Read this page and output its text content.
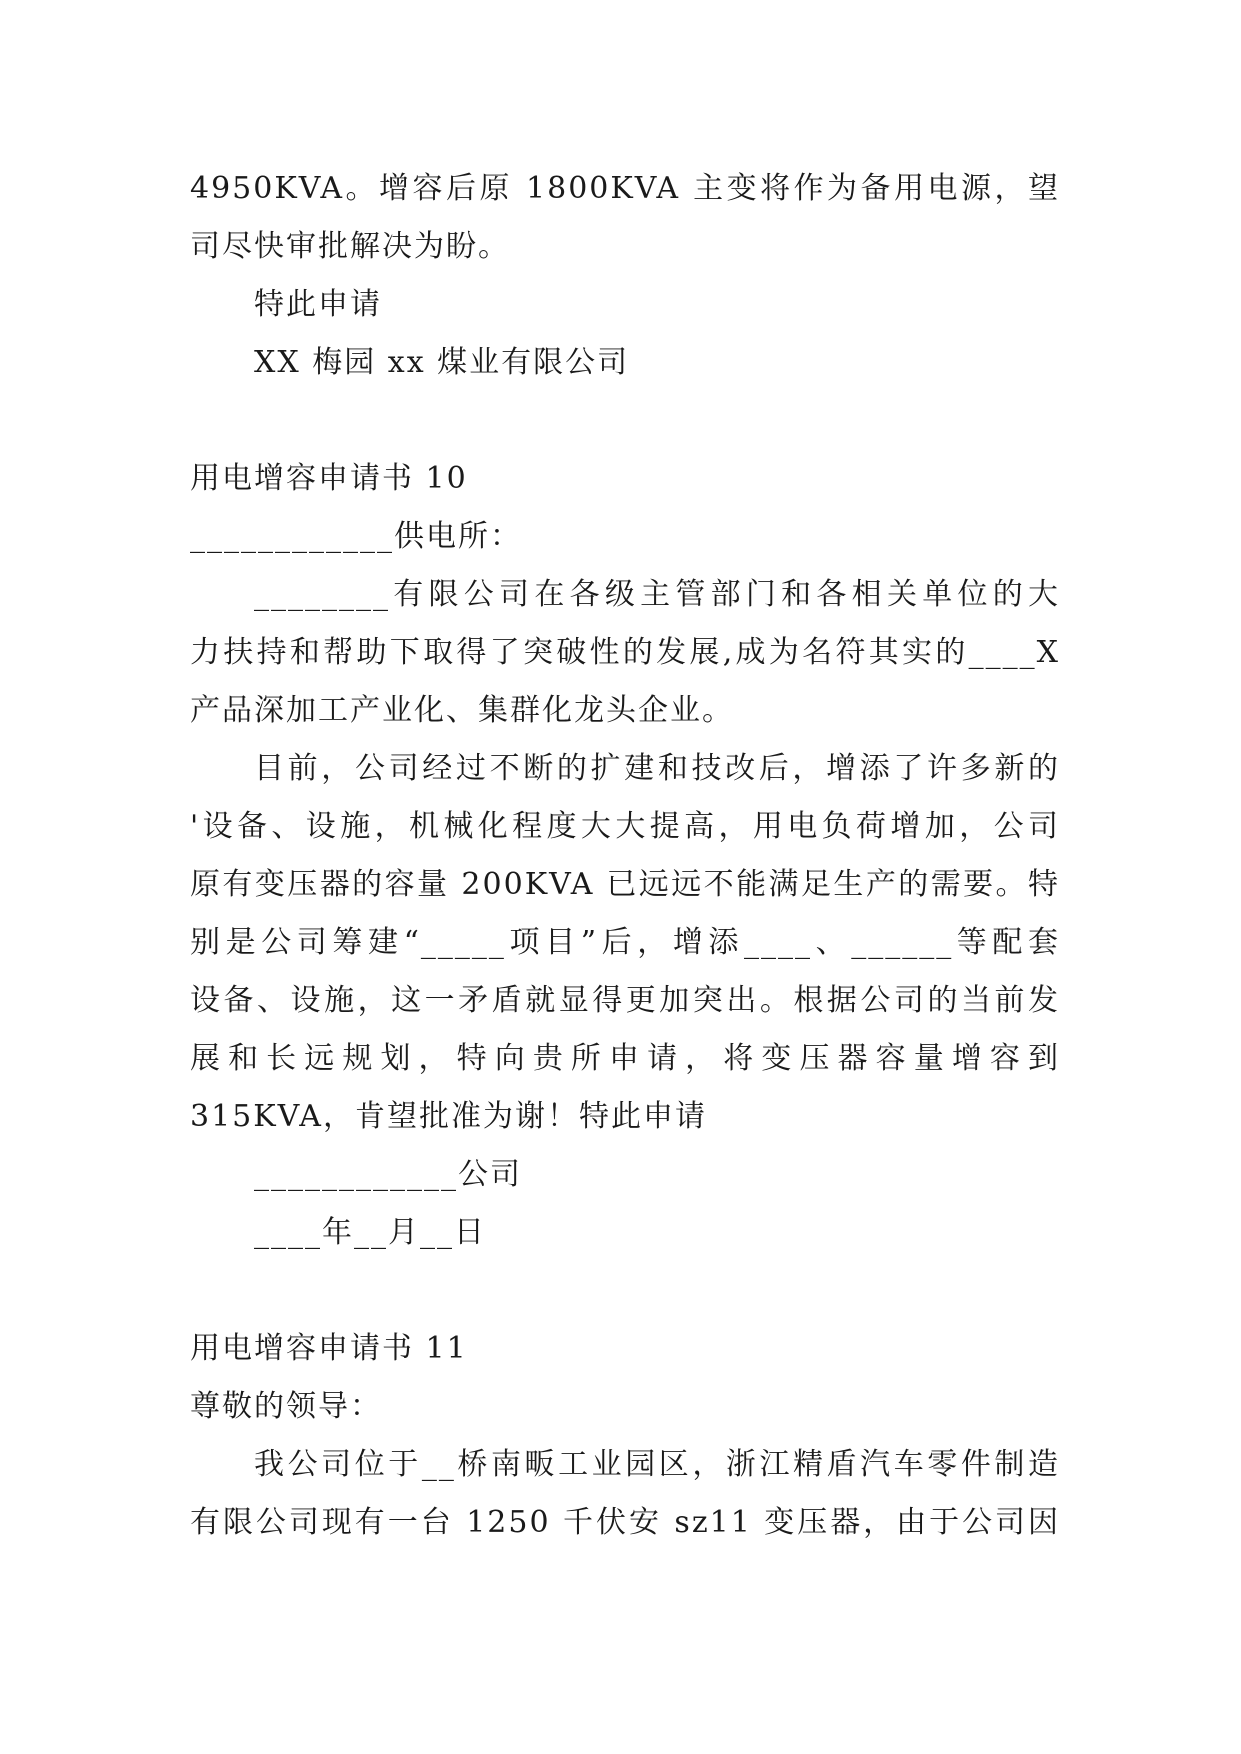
4950KVA。增容后原 1800KVA 主变将作为备用电源，望
司尽快审批解决为盼。
特此申请
XX 梅园 xx 煤业有限公司
用电增容申请书 10
____________供电所：
________有限公司在各级主管部门和各相关单位的大
力扶持和帮助下取得了突破性的发展,成为名符其实的____X
产品深加工产业化、集群化龙头企业。
目前，公司经过不断的扩建和技改后，增添了许多新的
'设备、设施，机械化程度大大提高，用电负荷增加，公司
原有变压器的容量 200KVA 已远远不能满足生产的需要。特
别是公司筹建“_____项目”后，增添____、______等配套
设备、设施，这一矛盾就显得更加突出。根据公司的当前发
展和长远规划，特向贵所申请，将变压器容量增容到
315KVA，肯望批准为谢！特此申请
____________公司
____年__月__日
用电增容申请书 11
尊敬的领导：
我公司位于__桥南畈工业园区，浙江精盾汽车零件制造
有限公司现有一台 1250 千伏安 sz11 变压器，由于公司因
